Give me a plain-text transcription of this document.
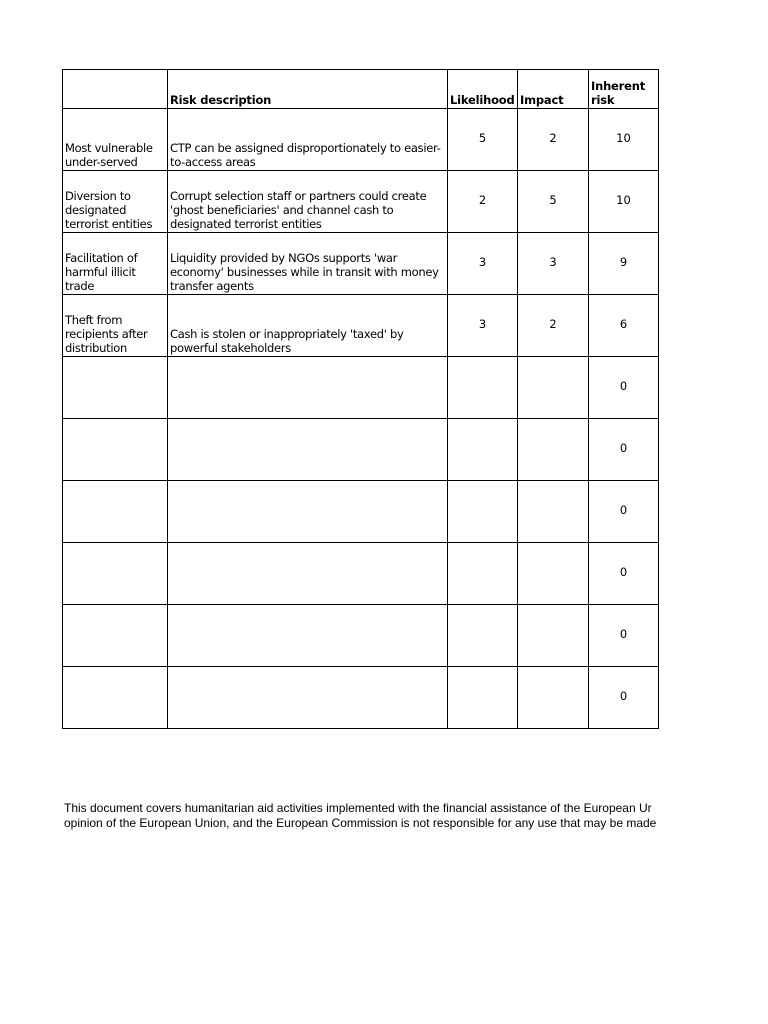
	Risk description	Likelihood	Impact	Inherent risk
Most vulnerable under-served	CTP can be assigned disproportionately to easier-to-access areas	5	2	10
Diversion to designated terrorist entities	Corrupt selection staff or partners could create 'ghost beneficiaries' and channel cash to designated terrorist entities	2	5	10
Facilitation of harmful illicit trade	Liquidity provided by NGOs supports 'war economy' businesses while in transit with money transfer agents	3	3	9
Theft from recipients after distribution	Cash is stolen or inappropriately 'taxed' by powerful stakeholders	3	2	6
				0
				0
				0
				0
				0
				0
This document covers humanitarian aid activities implemented with the financial assistance of the European Ur
opinion of the European Union, and the European Commission is not responsible for any use that may be made
